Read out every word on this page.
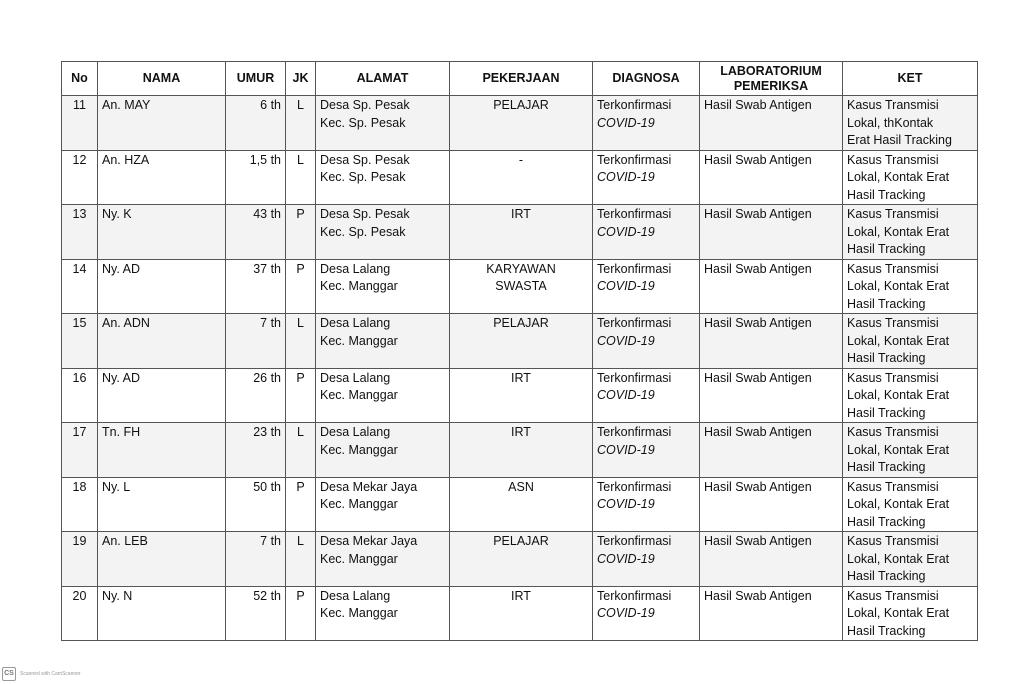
No	NAMA	UMUR	JK	ALAMAT	PEKERJAAN	DIAGNOSA	LABORATORIUM
PEMERIKSA	KET
11	An. MAY	6 th	L	Desa Sp. Pesak
Kec. Sp. Pesak	PELAJAR	Terkonfirmasi
COVID-19	Hasil Swab Antigen	Kasus Transmisi
Lokal, thKontak
Erat Hasil Tracking

12	An. HZA	1,5 th	L	Desa Sp. Pesak
Kec. Sp. Pesak	-	Terkonfirmasi
COVID-19	Hasil Swab Antigen	Kasus Transmisi
Lokal, Kontak Erat
Hasil Tracking

13	Ny. K	43 th	P	Desa Sp. Pesak
Kec. Sp. Pesak	IRT	Terkonfirmasi
COVID-19	Hasil Swab Antigen	Kasus Transmisi
Lokal, Kontak Erat
Hasil Tracking

14	Ny. AD	37 th	P	Desa Lalang
Kec. Manggar	KARYAWAN
SWASTA	Terkonfirmasi
COVID-19	Hasil Swab Antigen	Kasus Transmisi
Lokal, Kontak Erat
Hasil Tracking

15	An. ADN	7 th	L	Desa Lalang
Kec. Manggar	PELAJAR	Terkonfirmasi
COVID-19	Hasil Swab Antigen	Kasus Transmisi
Lokal, Kontak Erat
Hasil Tracking

16	Ny. AD	26 th	P	Desa Lalang
Kec. Manggar	IRT	Terkonfirmasi
COVID-19	Hasil Swab Antigen	Kasus Transmisi
Lokal, Kontak Erat
Hasil Tracking

17	Tn. FH	23 th	L	Desa Lalang
Kec. Manggar	IRT	Terkonfirmasi
COVID-19	Hasil Swab Antigen	Kasus Transmisi
Lokal, Kontak Erat
Hasil Tracking

18	Ny. L	50 th	P	Desa Mekar Jaya
Kec. Manggar	ASN	Terkonfirmasi
COVID-19	Hasil Swab Antigen	Kasus Transmisi
Lokal, Kontak Erat
Hasil Tracking

19	An. LEB	7 th	L	Desa Mekar Jaya
Kec. Manggar	PELAJAR	Terkonfirmasi
COVID-19	Hasil Swab Antigen	Kasus Transmisi
Lokal, Kontak Erat
Hasil Tracking

20	Ny. N	52 th	P	Desa Lalang
Kec. Manggar	IRT	Terkonfirmasi
COVID-19	Hasil Swab Antigen	Kasus Transmisi
Lokal, Kontak Erat
Hasil Tracking
CS	Scanned with CamScanner
